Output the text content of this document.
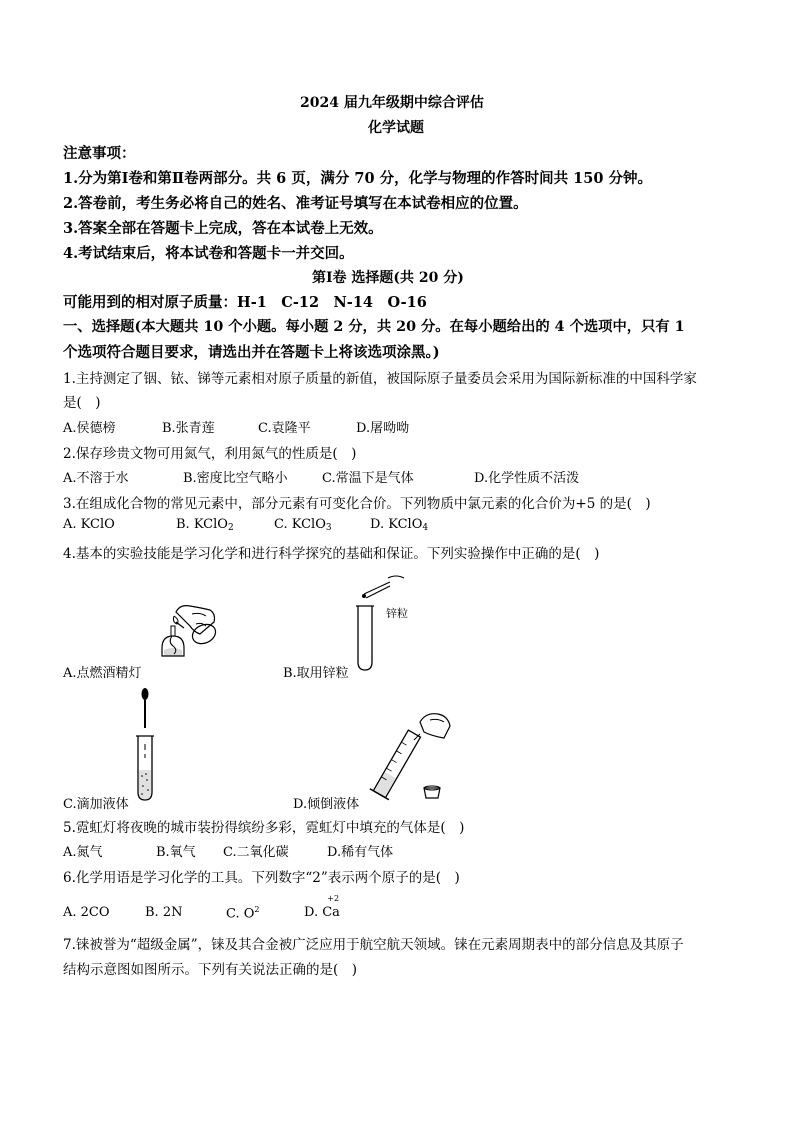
2024 届九年级期中综合评估
化学试题
注意事项：
1.分为第Ⅰ卷和第Ⅱ卷两部分。共 6 页，满分 70 分，化学与物理的作答时间共 150 分钟。
2.答卷前，考生务必将自己的姓名、准考证号填写在本试卷相应的位置。
3.答案全部在答题卡上完成，答在本试卷上无效。
4.考试结束后，将本试卷和答题卡一并交回。
第Ⅰ卷 选择题(共 20 分)
可能用到的相对原子质量：H-1　C-12　N-14　O-16
一、选择题(本大题共 10 个小题。每小题 2 分，共 20 分。在每小题给出的 4 个选项中，只有 1
个选项符合题目要求，请选出并在答题卡上将该选项涂黑。)
1.主持测定了铟、铱、锑等元素相对原子质量的新值，被国际原子量委员会采用为国际新标准的中国科学家
是(　)
A.侯德榜	B.张青莲	C.袁隆平	D.屠呦呦
2.保存珍贵文物可用氮气，利用氮气的性质是(　)
A.不溶于水	B.密度比空气略小	C.常温下是气体	D.化学性质不活泼
3.在组成化合物的常见元素中，部分元素有可变化合价。下列物质中氯元素的化合价为+5 的是(　)
A. KClO	B. KClO$_2$	C. KClO$_3$	D. KClO$_4$
4.基本的实验技能是学习化学和进行科学探究的基础和保证。下列实验操作中正确的是(　)
A.点燃酒精灯
锌粒
B.取用锌粒
C.滴加液体	D.倾倒液体
5.霓虹灯将夜晚的城市装扮得缤纷多彩，霓虹灯中填充的气体是(　)
A.氮气	B.氧气 C.二氧化碳	D.稀有气体
6.化学用语是学习化学的工具。下列数字“2”表示两个原子的是(　)
A. 2CO	B. 2N	C. $O^2$	D.
+2
Ca
7.铼被誉为“超级金属”，铼及其合金被广泛应用于航空航天领域。铼在元素周期表中的部分信息及其原子
结构示意图如图所示。下列有关说法正确的是(　)
